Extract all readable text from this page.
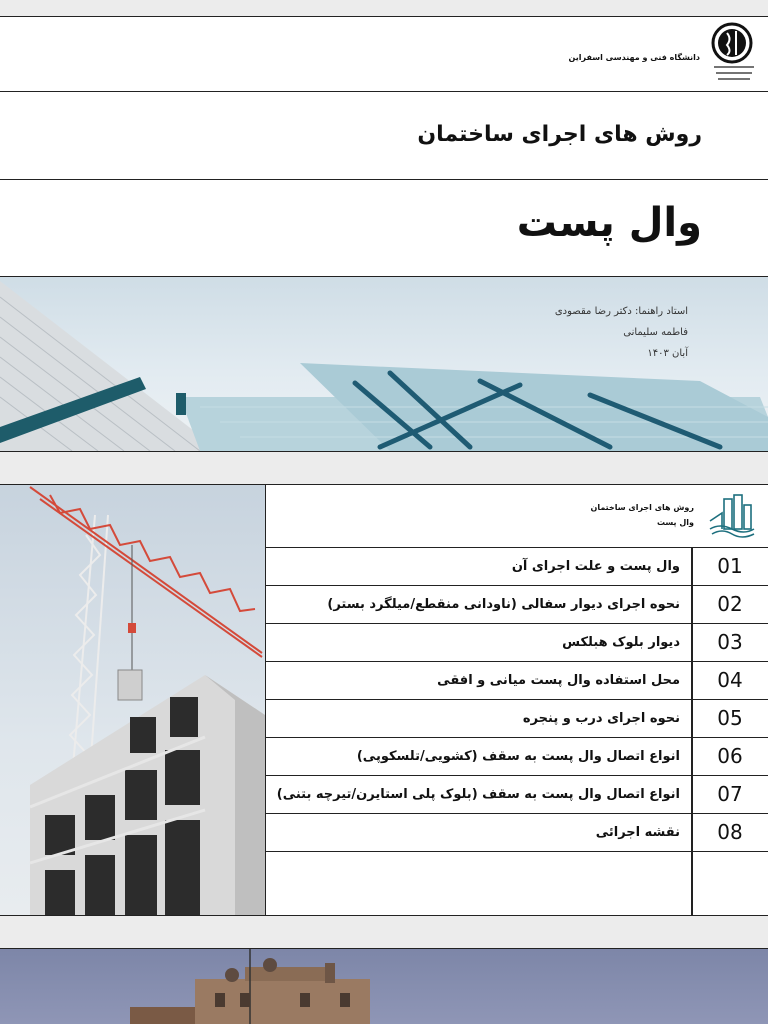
دانشگاه فنی و مهندسی اسفراین
روش های اجرای ساختمان
وال پست
استاد راهنما: دکتر رضا مقصودی
فاطمه سلیمانی
آبان ۱۴۰۳
روش های اجرای ساختمان
وال پست
01
وال پست و علت اجرای آن
02
نحوه اجرای دیوار سفالی (ناودانی منقطع/میلگرد بستر)
03
دیوار بلوک هبلکس
04
محل استفاده وال پست میانی و افقی
05
نحوه اجرای درب و پنجره
06
انواع اتصال وال پست به سقف (کشویی/تلسکوپی)
07
انواع اتصال وال پست به سقف (بلوک پلی استایرن/تیرچه بتنی)
08
نقشه اجرائی
